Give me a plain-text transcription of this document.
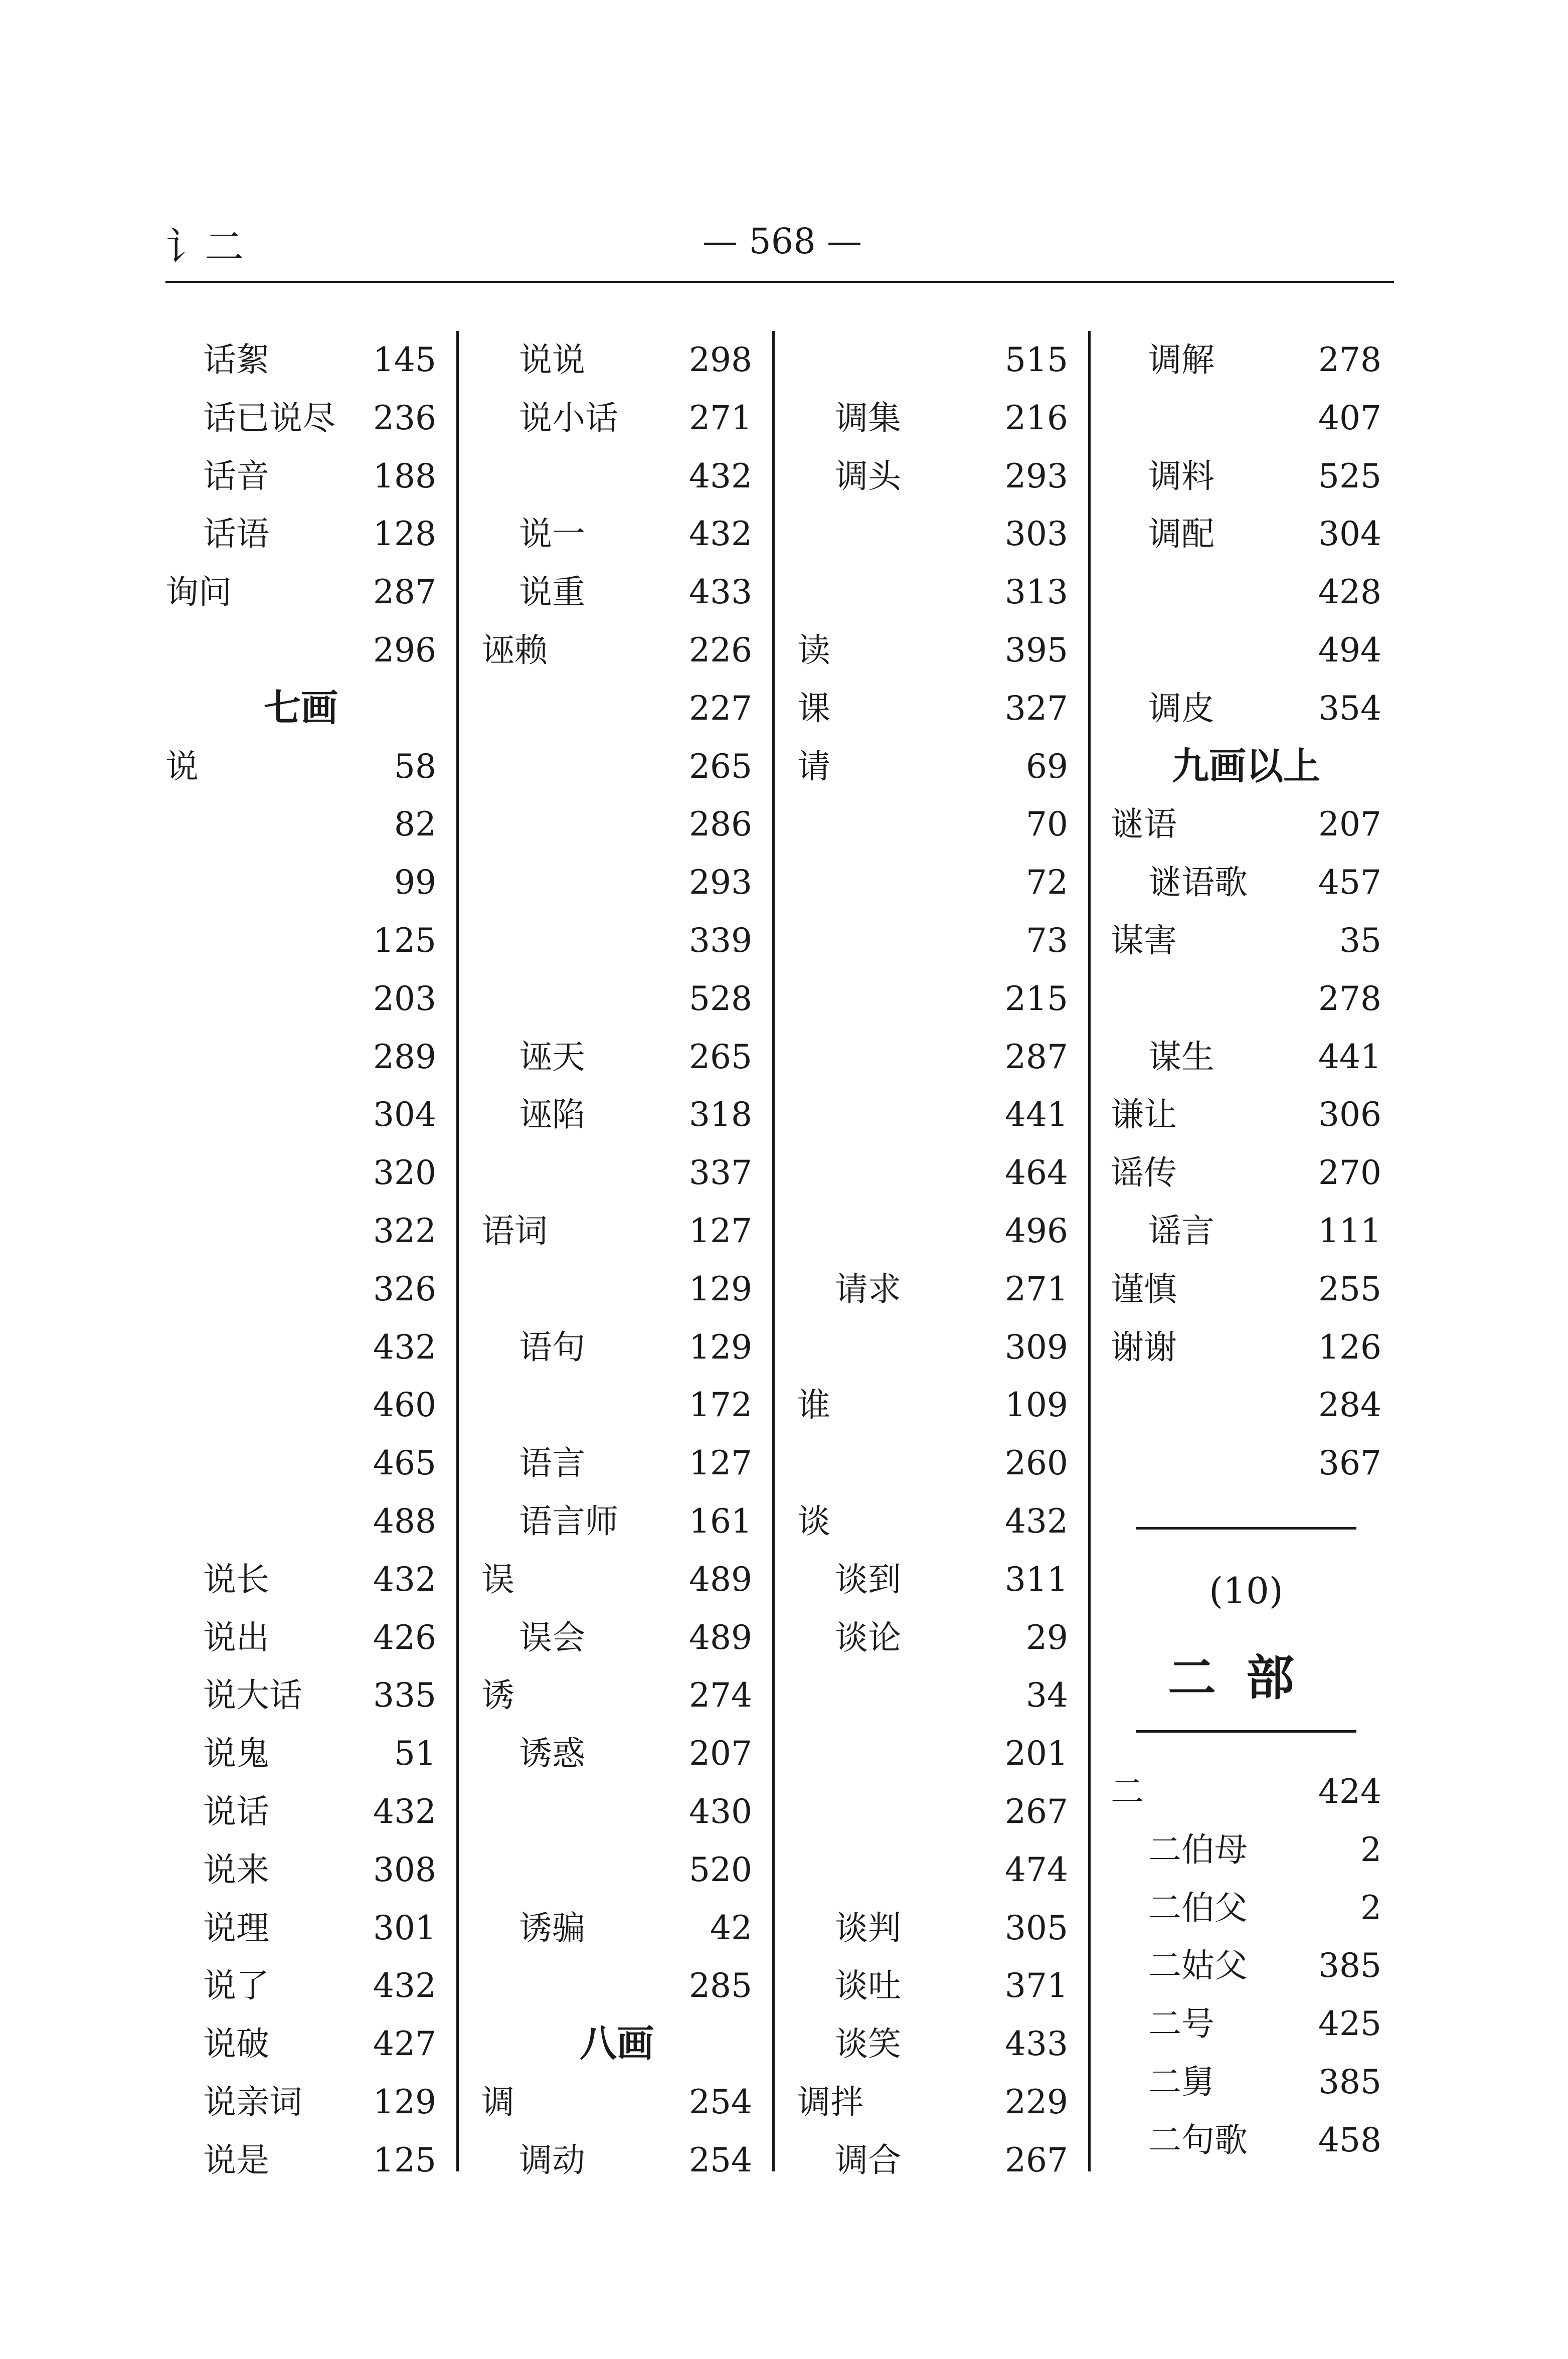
讠二	— 568 —
话絮	145
话已说尽 236
话音	188
话语	128
询问	287
296
七画
说	58
82
99
125
203
289
304
320
322
326
432
460
465
488
说长	432
说出	426
说大话 335
说鬼	51
说话	432
说来	308
说理	301
说了	432
说破	427
说亲词 129
说是	125
说说	298
说小话 271
432
说一	432
说重	433
诬赖	226
227
265
286
293
339
528
诬天	265
诬陷	318
337
语词	127
129
语句	129
172
语言	127
语言师 161
误	489
误会	489
诱	274
诱惑	207
430
520
诱骗	42
285
八画
调	254
调动	254
515
调集	216
调头	293
303
313
读	395
课	327
请	69
70
72
73
215
287
441
464
496
请求	271
309
谁	109
260
谈	432
谈到	311
谈论	29
34
201
267
474
谈判	305
谈吐	371
谈笑	433
调拌	229
调合	267
调解	278
407
调料	525
调配	304
428
494
调皮	354
九画以上
谜语	207
谜语歌 457
谋害	35
278
谋生	441
谦让	306
谣传	270
谣言	111
谨慎	255
谢谢	126
284
367
(10)
二部
二	424
二伯母	2
二伯父	2
二姑父 385
二号	425
二舅	385
二句歌 458
